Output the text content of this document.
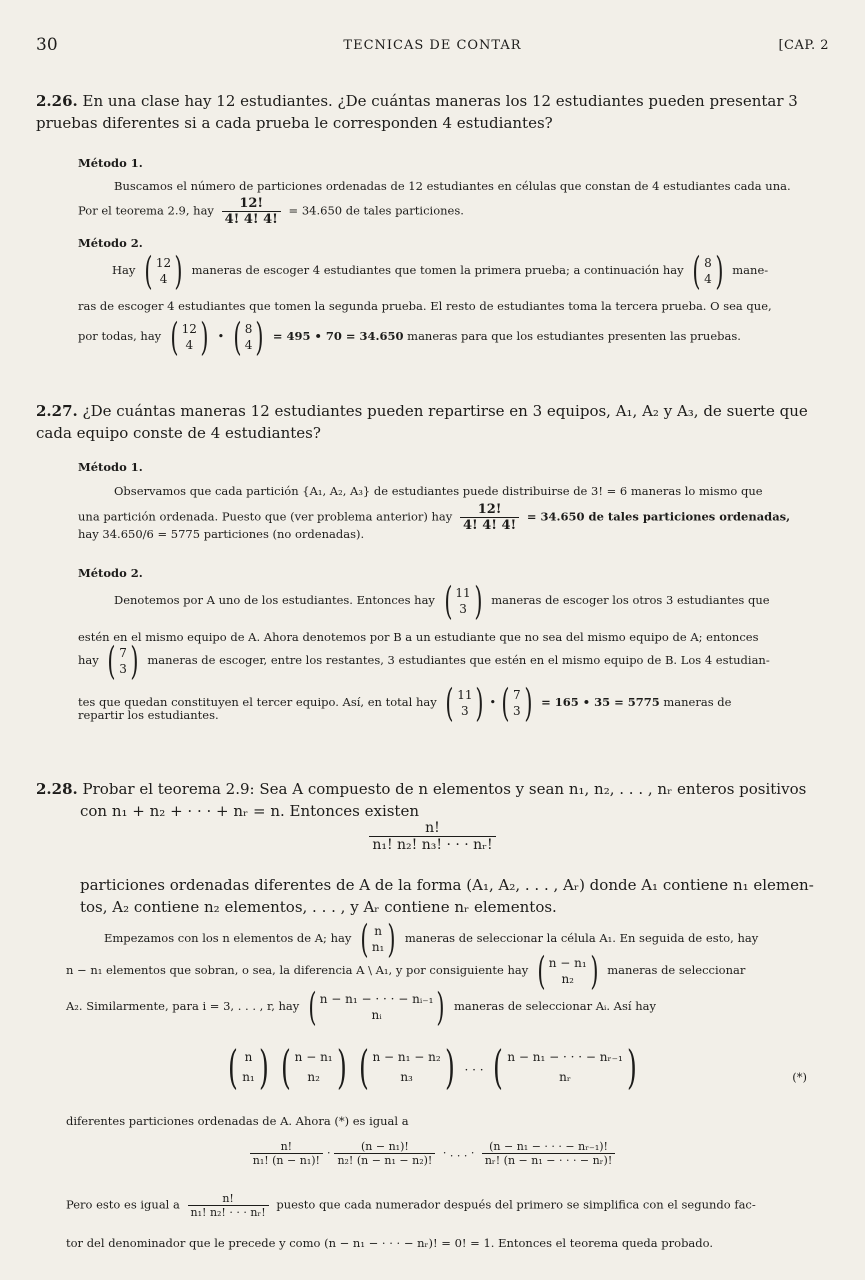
30	TECNICAS DE CONTAR	[CAP. 2
2.26. En una clase hay 12 estudiantes. ¿De cuántas maneras los 12 estudiantes pueden presentar 3 pruebas diferentes si a cada prueba le corresponden 4 estudiantes?
Método 1.
Buscamos el número de particiones ordenadas de 12 estudiantes en células que constan de 4 estudiantes cada una.
Por el teorema 2.9, hay $\frac{12!}{4! 4! 4!} = 34.650$ de tales particiones.
Método 2.
Hay ( 12
4 ) maneras de escoger 4 estudiantes que tomen la primera prueba; a continuación hay ( 8
4 ) mane-
ras de escoger 4 estudiantes que tomen la segunda prueba. El resto de estudiantes toma la tercera prueba. O sea que,
por todas, hay ( 12
4 ) • ( 8
4 ) = 495 • 70 = 34.650 maneras para que los estudiantes presenten las pruebas.
2.27. ¿De cuántas maneras 12 estudiantes pueden repartirse en 3 equipos, A₁, A₂ y A₃, de suerte que cada equipo conste de 4 estudiantes?
Método 1.
Observamos que cada partición {A₁, A₂, A₃} de estudiantes puede distribuirse de 3! = 6 maneras lo mismo que
una partición ordenada. Puesto que (ver problema anterior) hay $\frac{12!}{4! 4! 4!} = 34.650$ de tales particiones ordenadas,
hay 34.650/6 = 5775 particiones (no ordenadas).
Método 2.
Denotemos por A uno de los estudiantes. Entonces hay ( 11
3 ) maneras de escoger los otros 3 estudiantes que
estén en el mismo equipo de A. Ahora denotemos por B a un estudiante que no sea del mismo equipo de A; entonces
hay ( 7
3 ) maneras de escoger, entre los restantes, 3 estudiantes que estén en el mismo equipo de B. Los 4 estudian-
tes que quedan constituyen el tercer equipo. Así, en total hay ( 11
3 ) • ( 7
3 ) = 165 • 35 = 5775 maneras de
repartir los estudiantes.
2.28. Probar el teorema 2.9: Sea A compuesto de n elementos y sean n₁, n₂, . . . , nᵣ enteros positivos
con n₁ + n₂ + · · · + nᵣ = n. Entonces existen
$\frac{n!}{\text{n₁! n₂! n₃! · · · nᵣ!}}$
particiones ordenadas diferentes de A de la forma (A₁, A₂, . . . , Aᵣ) donde A₁ contiene n₁ elemen-
tos, A₂ contiene n₂ elementos, . . . , y Aᵣ contiene nᵣ elementos.
Empezamos con los n elementos de A; hay ( n
n₁ ) maneras de seleccionar la célula A₁. En seguida de esto, hay
n − n₁ elementos que sobran, o sea, la diferencia A \ A₁, y por consiguiente hay ( n − n₁
n₂ ) maneras de seleccionar
A₂. Similarmente, para i = 3, . . . , r, hay ( n − n₁ − · · · − nᵢ₋₁
nᵢ ) maneras de seleccionar Aᵢ. Así hay
( n
n₁ ) ( n − n₁
n₂ ) ( n − n₁ − n₂
n₃ ) . . . ( n − n₁ − · · · − nᵣ₋₁
nᵣ )	(*)
diferentes particiones ordenadas de A. Ahora (*) es igual a
$\frac{n!}{\text{n₁! (n − n₁)!}} \cdot \frac{\text{(n − n₁)!}}{\text{n₂! (n − n₁ − n₂)!}}$ · . . . · $\frac{\text{(n − n₁ − · · · − nᵣ₋₁)!}}{\text{nᵣ! (n − n₁ − · · · − nᵣ)!}}$
Pero esto es igual a $\frac{n!}{\text{n₁! n₂! · · · nᵣ!}}$ puesto que cada numerador después del primero se simplifica con el segundo fac-
tor del denominador que le precede y como (n − n₁ − · · · − nᵣ)! = 0! = 1. Entonces el teorema queda probado.
